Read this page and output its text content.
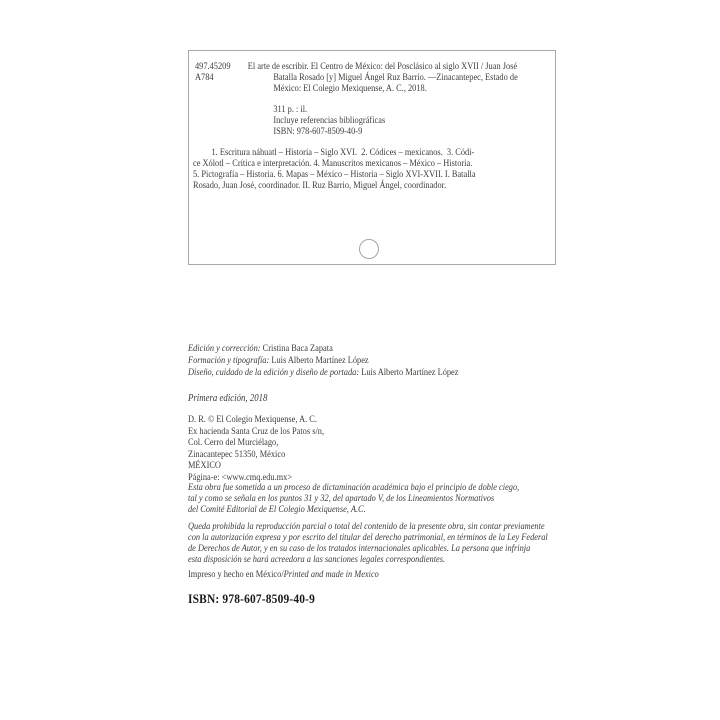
497.45209
A784
El arte de escribir. El Centro de México: del Posclásico al siglo XVII / Juan José
Batalla Rosado [y] Miguel Ángel Ruz Barrio. —Zinacantepec, Estado de
México: El Colegio Mexiquense, A. C., 2018.
311 p. : il.
Incluye referencias bibliográficas
ISBN: 978-607-8509-40-9
1. Escritura náhuatl – Historia – Siglo XVI.  2. Códices – mexicanos.  3. Códi-
ce Xólotl – Crítica e interpretación. 4. Manuscritos mexicanos – México – Historia.
5. Pictografía – Historia. 6. Mapas – México – Historia – Siglo XVI-XVII. I. Batalla
Rosado, Juan José, coordinador. II. Ruz Barrio, Miguel Ángel, coordinador.
Edición y corrección: Cristina Baca Zapata
Formación y tipografía: Luis Alberto Martínez López
Diseño, cuidado de la edición y diseño de portada: Luis Alberto Martínez López
Primera edición, 2018
D. R. © El Colegio Mexiquense, A. C.
Ex hacienda Santa Cruz de los Patos s/n,
Col. Cerro del Murciélago,
Zinacantepec 51350, México
MÉXICO
Página-e: <www.cmq.edu.mx>
Esta obra fue sometida a un proceso de dictaminación académica bajo el principio de doble ciego,
tal y como se señala en los puntos 31 y 32, del apartado V, de los Lineamientos Normativos
del Comité Editorial de El Colegio Mexiquense, A.C.
Queda prohibida la reproducción parcial o total del contenido de la presente obra, sin contar previamente
con la autorización expresa y por escrito del titular del derecho patrimonial, en términos de la Ley Federal
de Derechos de Autor, y en su caso de los tratados internacionales aplicables. La persona que infrinja
esta disposición se hará acreedora a las sanciones legales correspondientes.
Impreso y hecho en México/Printed and made in Mexico
ISBN: 978-607-8509-40-9
